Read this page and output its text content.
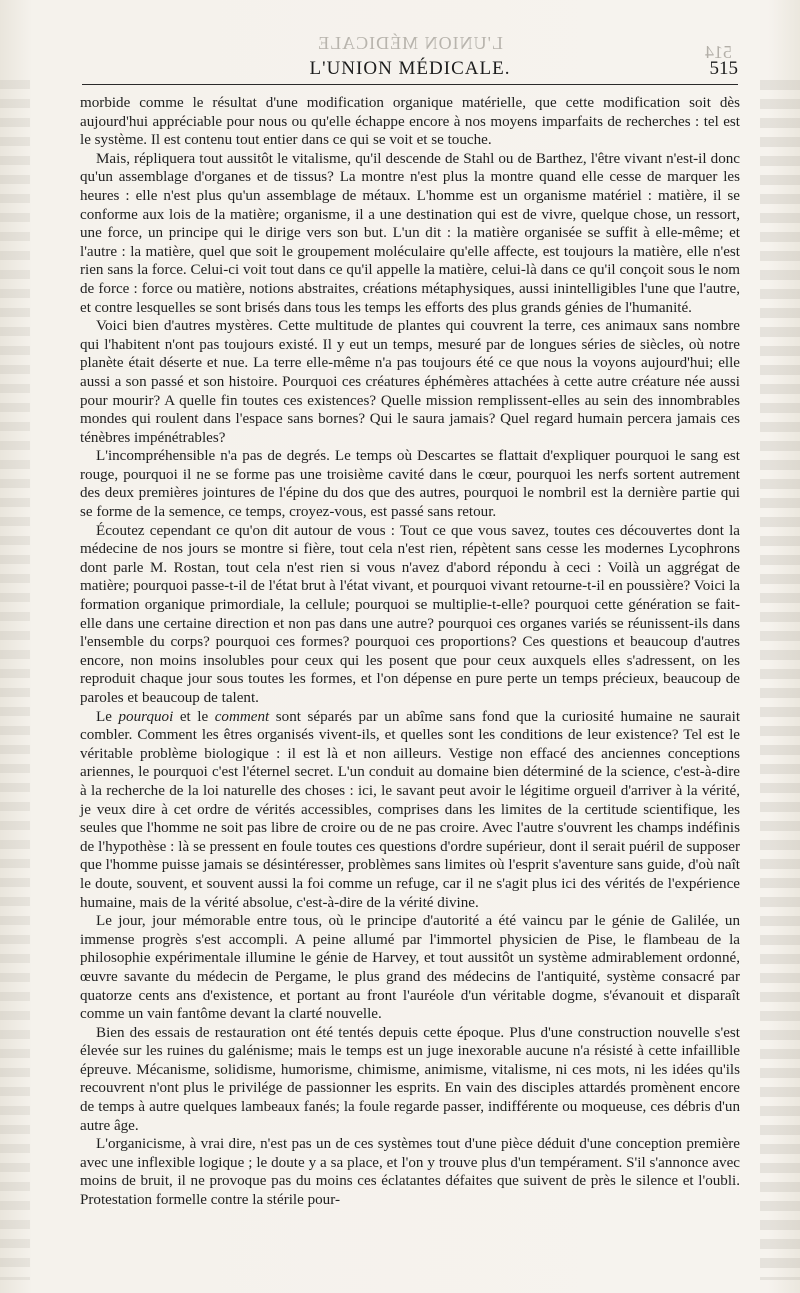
L'UNION MÉDICALE	514
L'UNION MÉDICALE.	515

morbide comme le résultat d'une modification organique matérielle, que cette modification soit dès aujourd'hui appréciable pour nous ou qu'elle échappe encore à nos moyens imparfaits de recherches : tel est le système. Il est contenu tout entier dans ce qui se voit et se touche.

Mais, répliquera tout aussitôt le vitalisme, qu'il descende de Stahl ou de Barthez, l'être vivant n'est-il donc qu'un assemblage d'organes et de tissus? La montre n'est plus la montre quand elle cesse de marquer les heures : elle n'est plus qu'un assemblage de métaux. L'homme est un organisme matériel : matière, il se conforme aux lois de la matière; organisme, il a une destination qui est de vivre, quelque chose, un ressort, une force, un principe qui le dirige vers son but. L'un dit : la matière organisée se suffit à elle-même; et l'autre : la matière, quel que soit le groupement moléculaire qu'elle affecte, est toujours la matière, elle n'est rien sans la force. Celui-ci voit tout dans ce qu'il appelle la matière, celui-là dans ce qu'il conçoit sous le nom de force : force ou matière, notions abstraites, créations métaphysiques, aussi inintelligibles l'une que l'autre, et contre lesquelles se sont brisés dans tous les temps les efforts des plus grands génies de l'humanité.

Voici bien d'autres mystères. Cette multitude de plantes qui couvrent la terre, ces animaux sans nombre qui l'habitent n'ont pas toujours existé. Il y eut un temps, mesuré par de longues séries de siècles, où notre planète était déserte et nue. La terre elle-même n'a pas toujours été ce que nous la voyons aujourd'hui; elle aussi a son passé et son histoire. Pourquoi ces créatures éphémères attachées à cette autre créature née aussi pour mourir? A quelle fin toutes ces existences? Quelle mission remplissent-elles au sein des innombrables mondes qui roulent dans l'espace sans bornes? Qui le saura jamais? Quel regard humain percera jamais ces ténèbres impénétrables?

L'incompréhensible n'a pas de degrés. Le temps où Descartes se flattait d'expliquer pourquoi le sang est rouge, pourquoi il ne se forme pas une troisième cavité dans le cœur, pourquoi les nerfs sortent autrement des deux premières jointures de l'épine du dos que des autres, pourquoi le nombril est la dernière partie qui se forme de la semence, ce temps, croyez-vous, est passé sans retour.

Écoutez cependant ce qu'on dit autour de vous : Tout ce que vous savez, toutes ces découvertes dont la médecine de nos jours se montre si fière, tout cela n'est rien, répètent sans cesse les modernes Lycophrons dont parle M. Rostan, tout cela n'est rien si vous n'avez d'abord répondu à ceci : Voilà un aggrégat de matière; pourquoi passe-t-il de l'état brut à l'état vivant, et pourquoi vivant retourne-t-il en poussière? Voici la formation organique primordiale, la cellule; pourquoi se multiplie-t-elle? pourquoi cette génération se fait-elle dans une certaine direction et non pas dans une autre? pourquoi ces organes variés se réunissent-ils dans l'ensemble du corps? pourquoi ces formes? pourquoi ces proportions? Ces questions et beaucoup d'autres encore, non moins insolubles pour ceux qui les posent que pour ceux auxquels elles s'adressent, on les reproduit chaque jour sous toutes les formes, et l'on dépense en pure perte un temps précieux, beaucoup de paroles et beaucoup de talent.

Le pourquoi et le comment sont séparés par un abîme sans fond que la curiosité humaine ne saurait combler. Comment les êtres organisés vivent-ils, et quelles sont les conditions de leur existence? Tel est le véritable problème biologique : il est là et non ailleurs. Vestige non effacé des anciennes conceptions ariennes, le pourquoi c'est l'éternel secret. L'un conduit au domaine bien déterminé de la science, c'est-à-dire à la recherche de la loi naturelle des choses : ici, le savant peut avoir le légitime orgueil d'arriver à la vérité, je veux dire à cet ordre de vérités accessibles, comprises dans les limites de la certitude scientifique, les seules que l'homme ne soit pas libre de croire ou de ne pas croire. Avec l'autre s'ouvrent les champs indéfinis de l'hypothèse : là se pressent en foule toutes ces questions d'ordre supérieur, dont il serait puéril de supposer que l'homme puisse jamais se désintéresser, problèmes sans limites où l'esprit s'aventure sans guide, d'où naît le doute, souvent, et souvent aussi la foi comme un refuge, car il ne s'agit plus ici des vérités de l'expérience humaine, mais de la vérité absolue, c'est-à-dire de la vérité divine.

Le jour, jour mémorable entre tous, où le principe d'autorité a été vaincu par le génie de Galilée, un immense progrès s'est accompli. A peine allumé par l'immortel physicien de Pise, le flambeau de la philosophie expérimentale illumine le génie de Harvey, et tout aussitôt un système admirablement ordonné, œuvre savante du médecin de Pergame, le plus grand des médecins de l'antiquité, système consacré par quatorze cents ans d'existence, et portant au front l'auréole d'un véritable dogme, s'évanouit et disparaît comme un vain fantôme devant la clarté nouvelle.

Bien des essais de restauration ont été tentés depuis cette époque. Plus d'une construction nouvelle s'est élevée sur les ruines du galénisme; mais le temps est un juge inexorable aucune n'a résisté à cette infaillible épreuve. Mécanisme, solidisme, humorisme, chimisme, animisme, vitalisme, ni ces mots, ni les idées qu'ils recouvrent n'ont plus le privilége de passionner les esprits. En vain des disciples attardés promènent encore de temps à autre quelques lambeaux fanés; la foule regarde passer, indifférente ou moqueuse, ces débris d'un autre âge.

L'organicisme, à vrai dire, n'est pas un de ces systèmes tout d'une pièce déduit d'une conception première avec une inflexible logique ; le doute y a sa place, et l'on y trouve plus d'un tempérament. S'il s'annonce avec moins de bruit, il ne provoque pas du moins ces éclatantes défaites que suivent de près le silence et l'oubli. Protestation formelle contre la stérile pour-
